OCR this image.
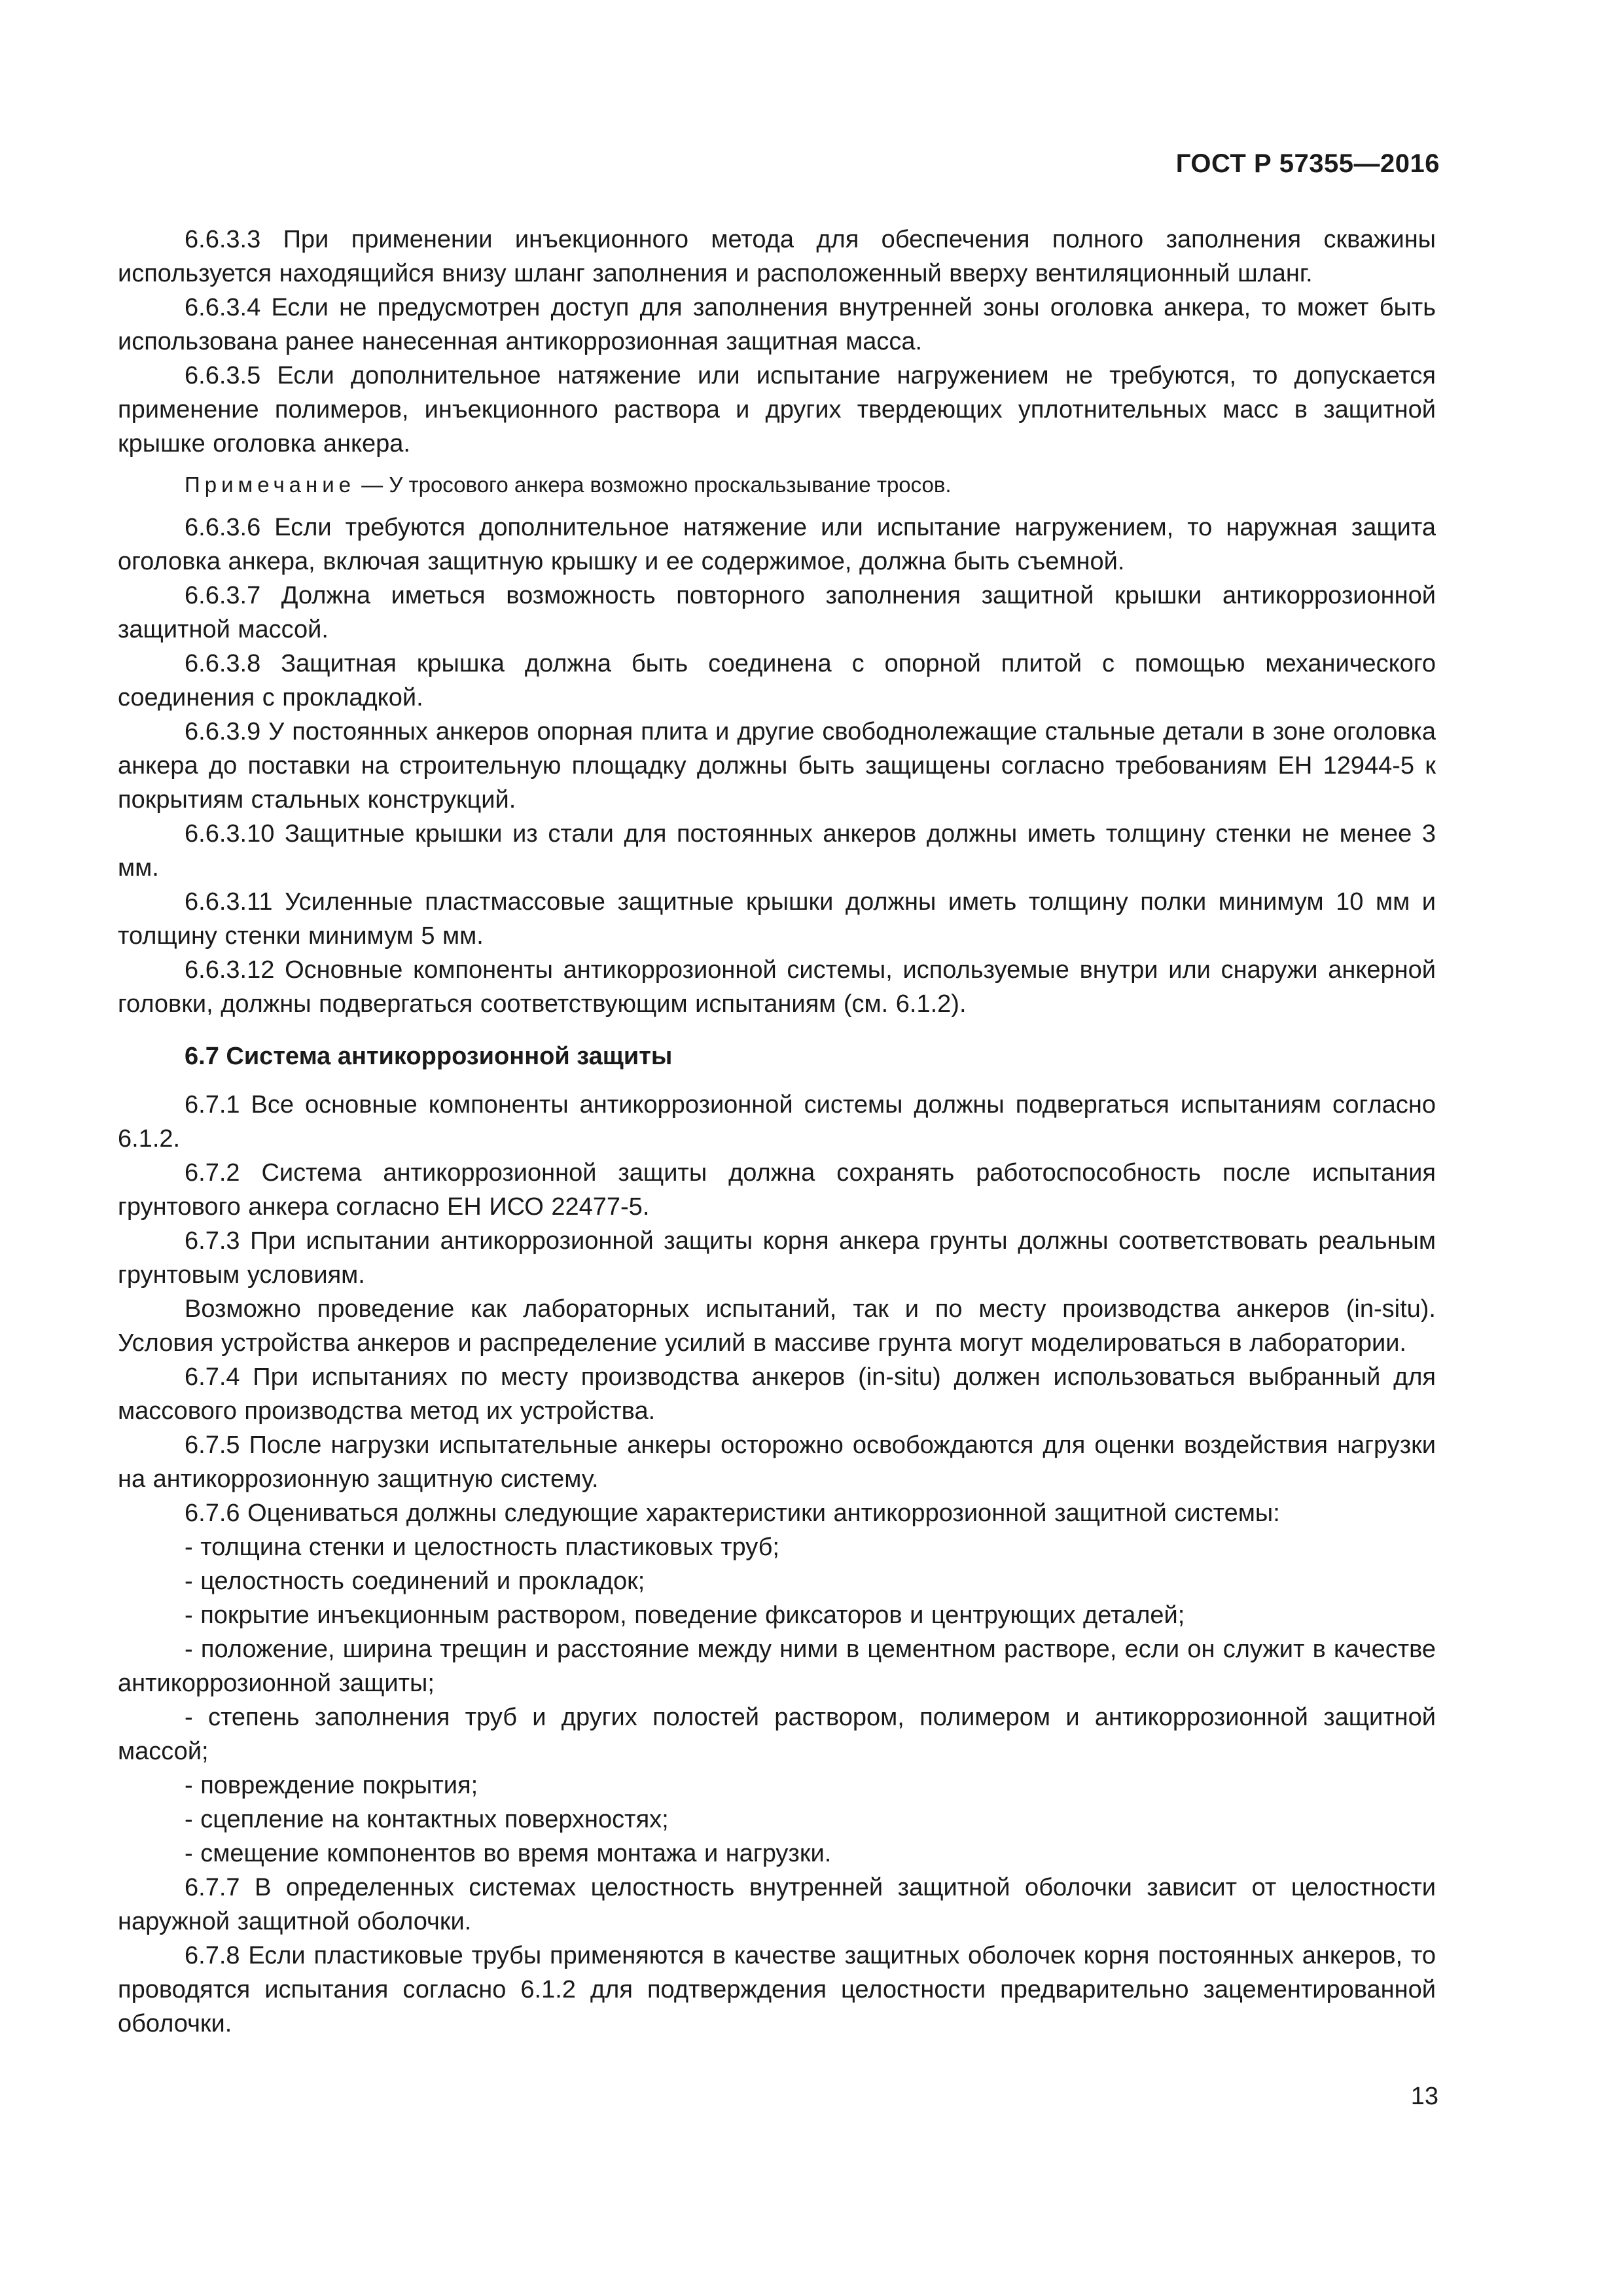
ГОСТ Р 57355—2016

6.6.3.3 При применении инъекционного метода для обеспечения полного заполнения скважины используется находящийся внизу шланг заполнения и расположенный вверху вентиляционный шланг.

6.6.3.4 Если не предусмотрен доступ для заполнения внутренней зоны оголовка анкера, то может быть использована ранее нанесенная антикоррозионная защитная масса.

6.6.3.5 Если дополнительное натяжение или испытание нагружением не требуются, то допускается применение полимеров, инъекционного раствора и других твердеющих уплотнительных масс в защитной крышке оголовка анкера.

Примечание — У тросового анкера возможно проскальзывание тросов.

6.6.3.6 Если требуются дополнительное натяжение или испытание нагружением, то наружная защита оголовка анкера, включая защитную крышку и ее содержимое, должна быть съемной.

6.6.3.7 Должна иметься возможность повторного заполнения защитной крышки антикоррозионной защитной массой.

6.6.3.8 Защитная крышка должна быть соединена с опорной плитой с помощью механического соединения с прокладкой.

6.6.3.9 У постоянных анкеров опорная плита и другие свободнолежащие стальные детали в зоне оголовка анкера до поставки на строительную площадку должны быть защищены согласно требованиям ЕН 12944-5 к покрытиям стальных конструкций.

6.6.3.10 Защитные крышки из стали для постоянных анкеров должны иметь толщину стенки не менее 3 мм.

6.6.3.11 Усиленные пластмассовые защитные крышки должны иметь толщину полки минимум 10 мм и толщину стенки минимум 5 мм.

6.6.3.12 Основные компоненты антикоррозионной системы, используемые внутри или снаружи анкерной головки, должны подвергаться соответствующим испытаниям (см. 6.1.2).

6.7 Система антикоррозионной защиты

6.7.1 Все основные компоненты антикоррозионной системы должны подвергаться испытаниям согласно 6.1.2.

6.7.2 Система антикоррозионной защиты должна сохранять работоспособность после испытания грунтового анкера согласно ЕН ИСО 22477-5.

6.7.3 При испытании антикоррозионной защиты корня анкера грунты должны соответствовать реальным грунтовым условиям.

Возможно проведение как лабораторных испытаний, так и по месту производства анкеров (in-situ). Условия устройства анкеров и распределение усилий в массиве грунта могут моделироваться в лаборатории.

6.7.4 При испытаниях по месту производства анкеров (in-situ) должен использоваться выбранный для массового производства метод их устройства.

6.7.5 После нагрузки испытательные анкеры осторожно освобождаются для оценки воздействия нагрузки на антикоррозионную защитную систему.

6.7.6 Оцениваться должны следующие характеристики антикоррозионной защитной системы:

- толщина стенки и целостность пластиковых труб;

- целостность соединений и прокладок;

- покрытие инъекционным раствором, поведение фиксаторов и центрующих деталей;

- положение, ширина трещин и расстояние между ними в цементном растворе, если он служит в качестве антикоррозионной защиты;

- степень заполнения труб и других полостей раствором, полимером и антикоррозионной защитной массой;

- повреждение покрытия;

- сцепление на контактных поверхностях;

- смещение компонентов во время монтажа и нагрузки.

6.7.7 В определенных системах целостность внутренней защитной оболочки зависит от целостности наружной защитной оболочки.

6.7.8 Если пластиковые трубы применяются в качестве защитных оболочек корня постоянных анкеров, то проводятся испытания согласно 6.1.2 для подтверждения целостности предварительно зацементированной оболочки.

13
